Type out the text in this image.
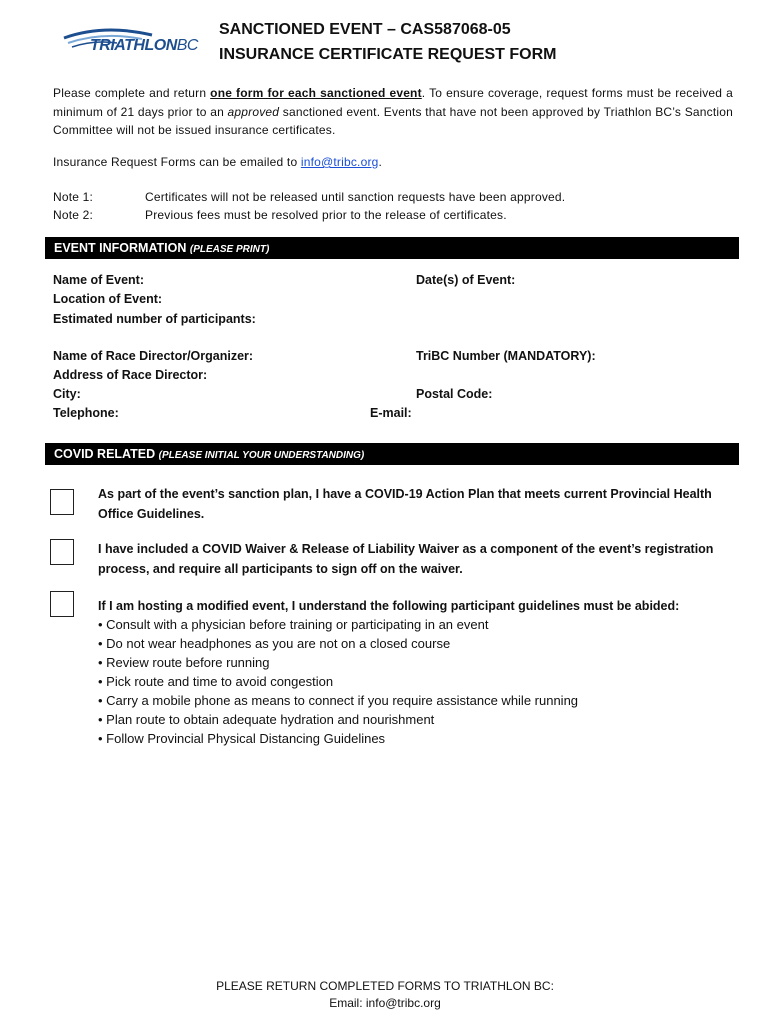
TRIATHLONBC
SANCTIONED EVENT – CAS587068-05
INSURANCE CERTIFICATE REQUEST FORM
Please complete and return one form for each sanctioned event. To ensure coverage, request forms must be received a minimum of 21 days prior to an approved sanctioned event. Events that have not been approved by Triathlon BC’s Sanction Committee will not be issued insurance certificates.
Insurance Request Forms can be emailed to info@tribc.org.
Note 1:	Certificates will not be released until sanction requests have been approved.
Note 2:	Previous fees must be resolved prior to the release of certificates.
EVENT INFORMATION (PLEASE PRINT)
Name of Event:	Date(s) of Event:
Location of Event:
Estimated number of participants:
Name of Race Director/Organizer:	TriBC Number (MANDATORY):
Address of Race Director:
City:	Postal Code:
Telephone:	E-mail:
COVID RELATED (PLEASE INITIAL YOUR UNDERSTANDING)
As part of the event’s sanction plan, I have a COVID-19 Action Plan that meets current Provincial Health Office Guidelines.
I have included a COVID Waiver & Release of Liability Waiver as a component of the event’s registration process, and require all participants to sign off on the waiver.
If I am hosting a modified event, I understand the following participant guidelines must be abided:
• Consult with a physician before training or participating in an event
• Do not wear headphones as you are not on a closed course
• Review route before running
• Pick route and time to avoid congestion
• Carry a mobile phone as means to connect if you require assistance while running
• Plan route to obtain adequate hydration and nourishment
• Follow Provincial Physical Distancing Guidelines
PLEASE RETURN COMPLETED FORMS TO TRIATHLON BC:
Email: info@tribc.org
